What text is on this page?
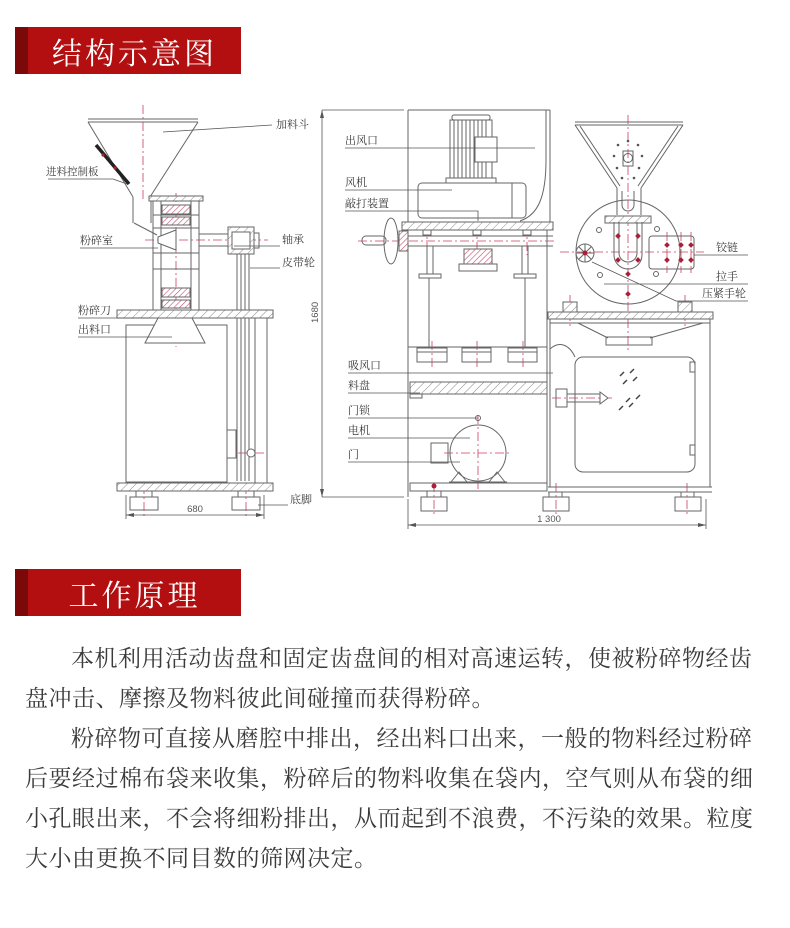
结构示意图
680
加料斗
进料控制板
粉碎室	轴承
皮带轮
粉碎刀
出料口
底脚
1680
1 300
出风口
风机
敲打装置
吸风口
料盘
门锁
电机
门
铰链
拉手
压紧手轮
工作原理

本机利用活动齿盘和固定齿盘间的相对高速运转，使被粉碎物经齿盘冲击、摩擦及物料彼此间碰撞而获得粉碎。

粉碎物可直接从磨腔中排出，经出料口出来，一般的物料经过粉碎后要经过棉布袋来收集，粉碎后的物料收集在袋内，空气则从布袋的细小孔眼出来，不会将细粉排出，从而起到不浪费，不污染的效果。粒度大小由更换不同目数的筛网决定。
